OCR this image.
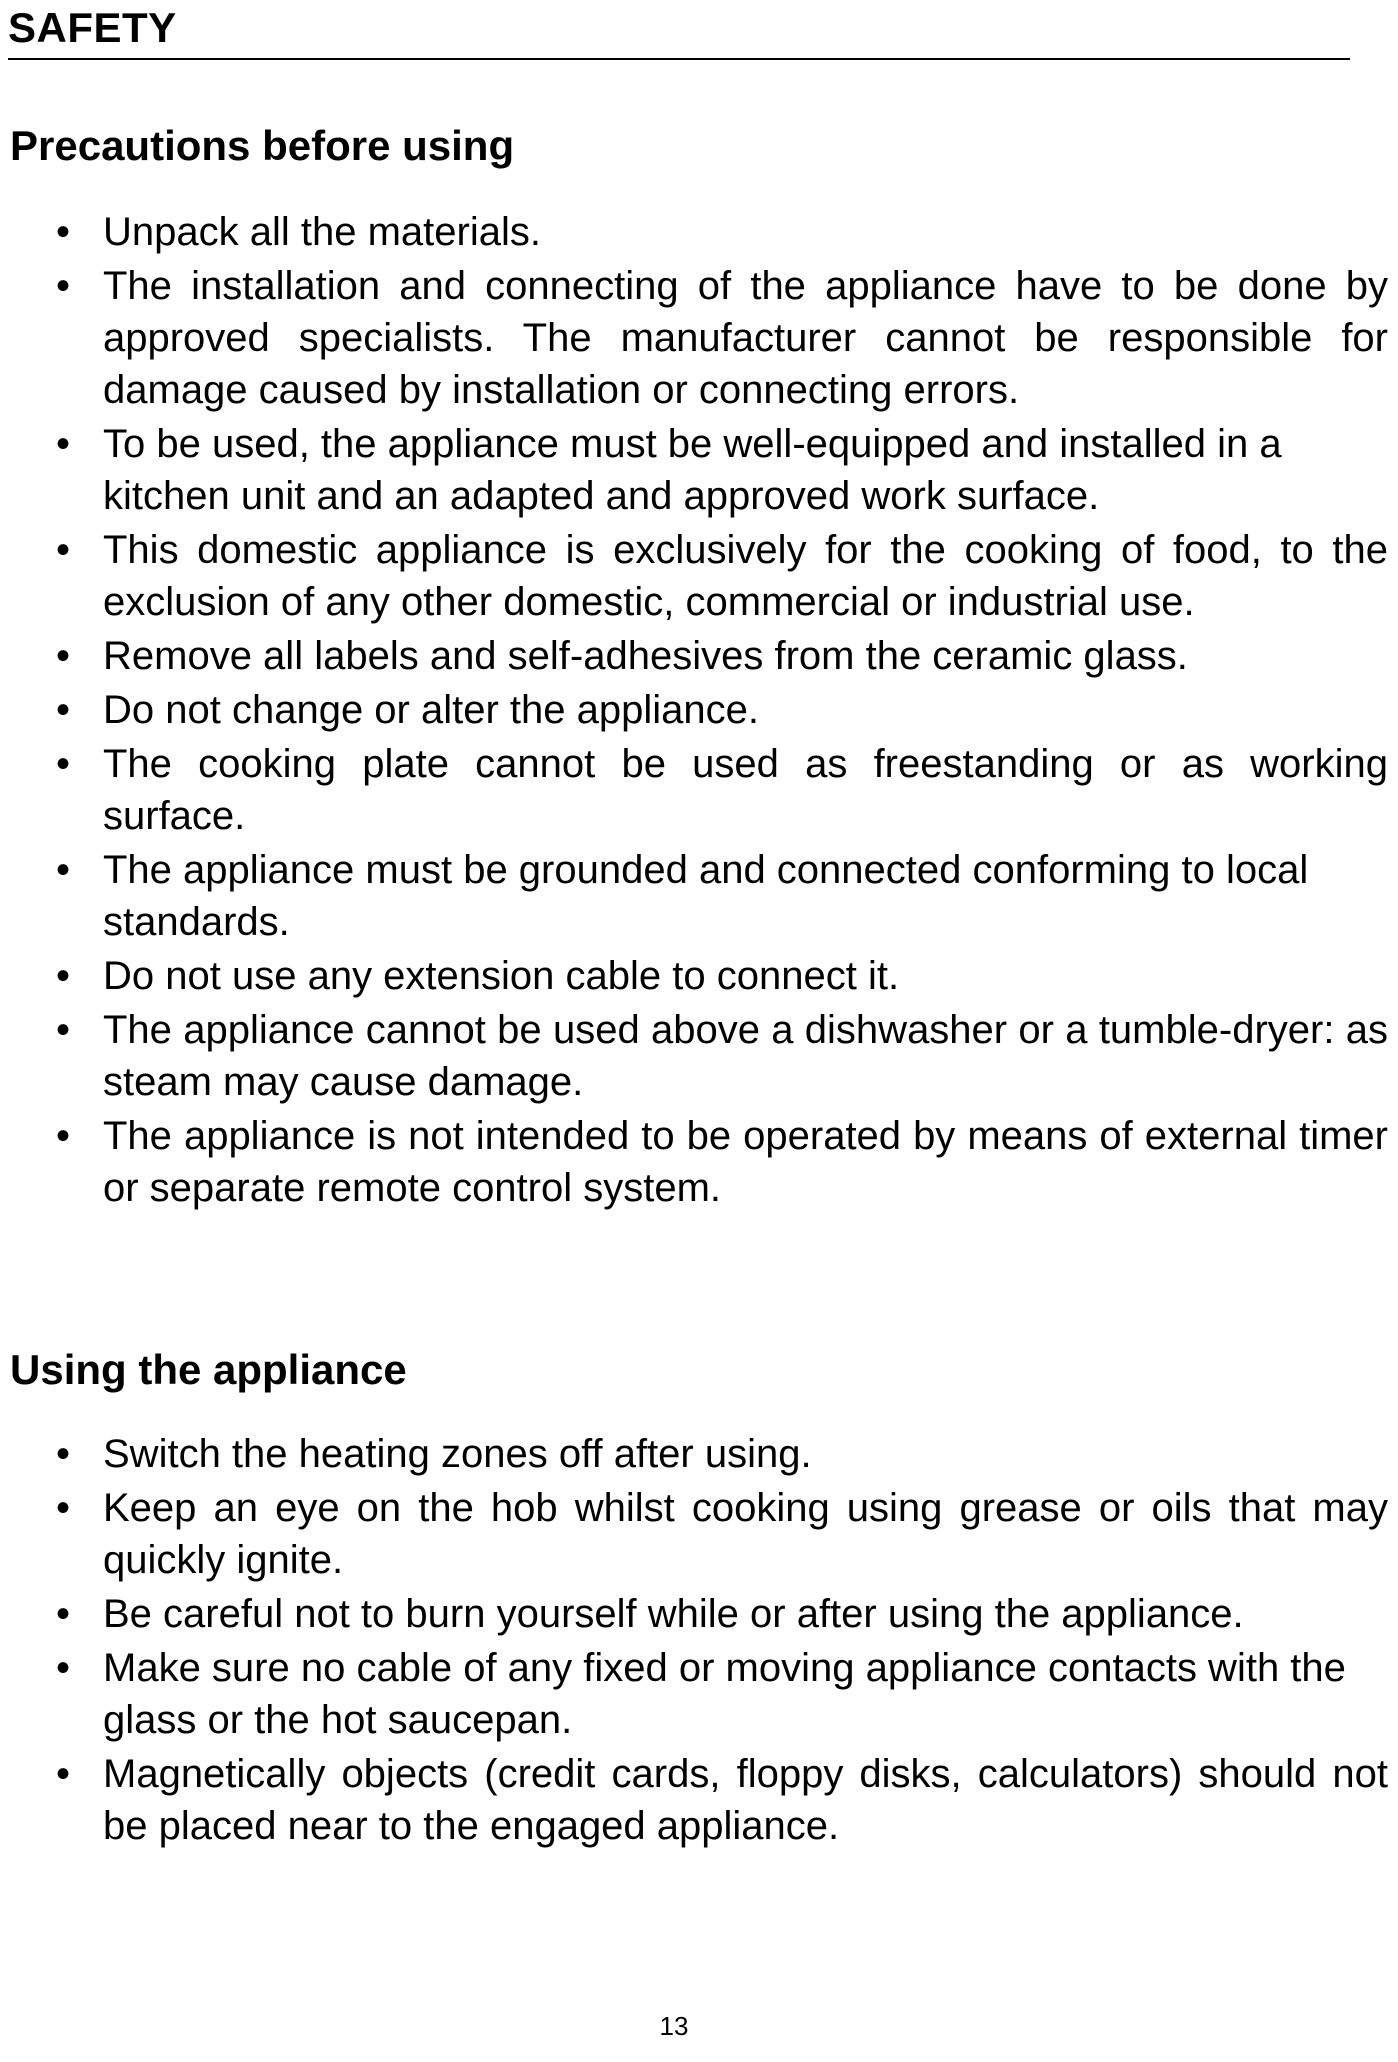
SAFETY
Precautions before using
• Unpack all the materials.
• The installation and connecting of the appliance have to be done by approved specialists. The manufacturer cannot be responsible for damage caused by installation or connecting errors.
• To be used, the appliance must be well-equipped and installed in a kitchen unit and an adapted and approved work surface.
• This domestic appliance is exclusively for the cooking of food, to the exclusion of any other domestic, commercial or industrial use.
• Remove all labels and self-adhesives from the ceramic glass.
• Do not change or alter the appliance.
• The cooking plate cannot be used as freestanding or as working surface.
• The appliance must be grounded and connected conforming to local standards.
• Do not use any extension cable to connect it.
• The appliance cannot be used above a dishwasher or a tumble-dryer: as steam may cause damage.
• The appliance is not intended to be operated by means of external timer or separate remote control system.
Using the appliance
• Switch the heating zones off after using.
• Keep an eye on the hob whilst cooking using grease or oils that may quickly ignite.
• Be careful not to burn yourself while or after using the appliance.
• Make sure no cable of any fixed or moving appliance contacts with the glass or the hot saucepan.
• Magnetically objects (credit cards, floppy disks, calculators) should not be placed near to the engaged appliance.
13
